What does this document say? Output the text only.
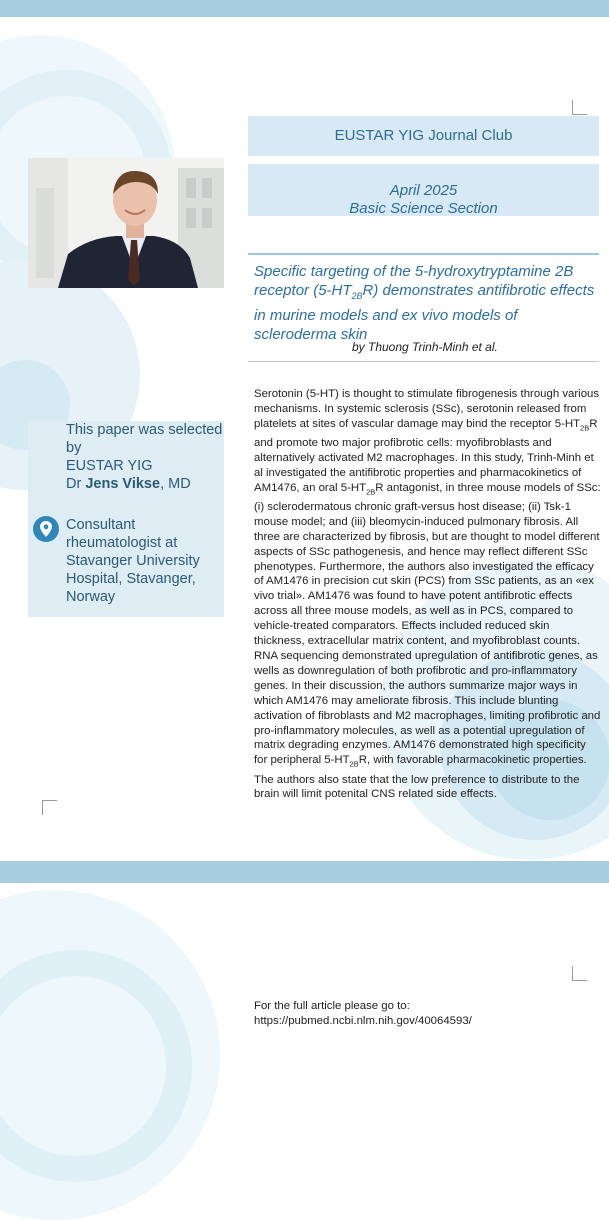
EUSTAR YIG Journal Club
April 2025
Basic Science Section
Specific targeting of the 5-hydroxytryptamine 2B receptor $(5-HT_{2B}R)$ demonstrates antifibrotic effects in murine models and ex vivo models of scleroderma skin
by Thuong Trinh-Minh et al.
This paper was selected
by
EUSTAR YIG
Dr Jens Vikse, MD
Consultant rheumatologist at Stavanger University Hospital, Stavanger, Norway
Serotonin (5-HT) is thought to stimulate fibrogenesis through various mechanisms. In systemic sclerosis (SSc), serotonin released from platelets at sites of vascular damage may bind the receptor $5-HT_{2B}R$ and promote two major profibrotic cells: myofibroblasts and alternatively activated M2 macrophages. In this study, Trinh-Minh et al investigated the antifibrotic properties and pharmacokinetics of AM1476, an oral $5-HT_{2B}R$ antagonist, in three mouse models of SSc: (i) sclerodermatous chronic graft-versus host disease; (ii) Tsk-1 mouse model; and (iii) bleomycin-induced pulmonary fibrosis. All three are characterized by fibrosis, but are thought to model different aspects of SSc pathogenesis, and hence may reflect different SSc phenotypes. Furthermore, the authors also investigated the efficacy of AM1476 in precision cut skin (PCS) from SSc patients, as an «ex vivo trial». AM1476 was found to have potent antifibrotic effects across all three mouse models, as well as in PCS, compared to vehicle-treated comparators. Effects included reduced skin thickness, extracellular matrix content, and myofibroblast counts. RNA sequencing demonstrated upregulation of antifibrotic genes, as wells as downregulation of both profibrotic and pro-inflammatory genes. In their discussion, the authors summarize major ways in which AM1476 may ameliorate fibrosis. This include blunting activation of fibroblasts and M2 macrophages, limiting profibrotic and pro-inflammatory molecules, as well as a potential upregulation of matrix degrading enzymes. AM1476 demonstrated high specificity for peripheral $5-HT_{2B}R$, with favorable pharmacokinetic properties. The authors also state that the low preference to distribute to the brain will limit potenital CNS related side effects.
For the full article please go to:
https://pubmed.ncbi.nlm.nih.gov/40064593/
